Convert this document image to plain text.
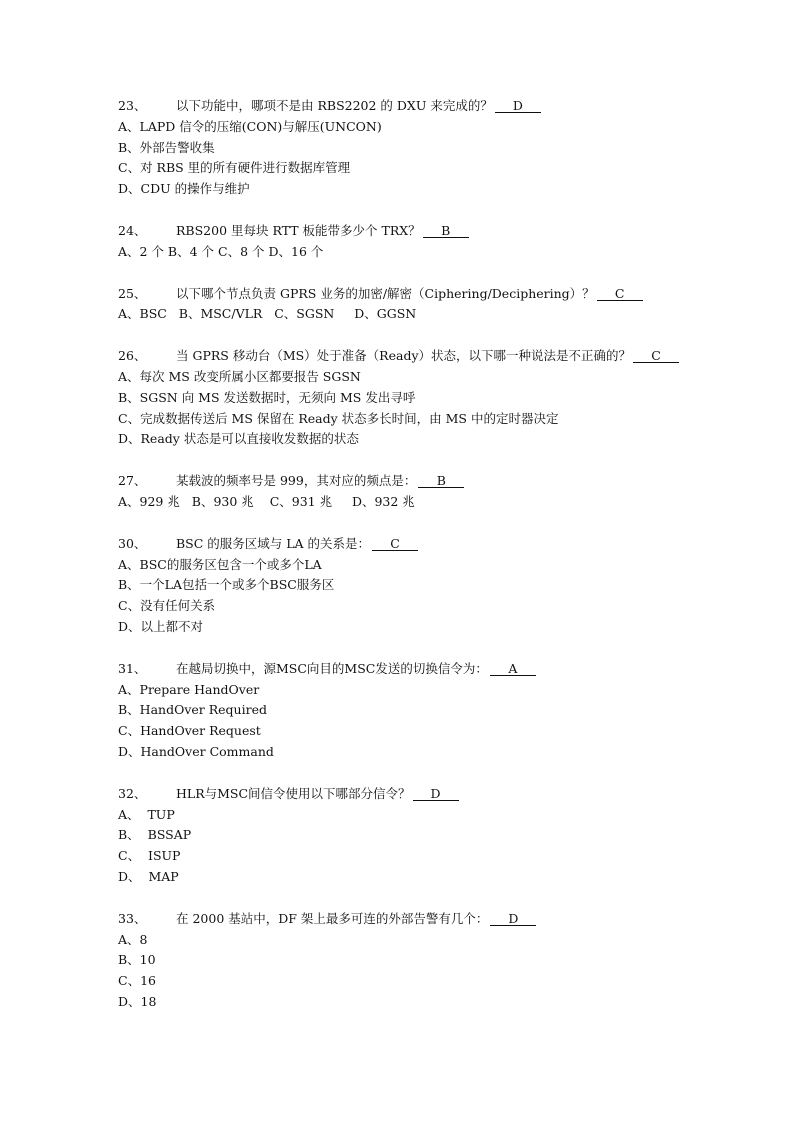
23、 以下功能中，哪项不是由 RBS2202 的 DXU 来完成的？ D
A、LAPD 信令的压缩(CON)与解压(UNCON)
B、外部告警收集
C、对 RBS 里的所有硬件进行数据库管理
D、CDU 的操作与维护
24、 RBS200 里每块 RTT 板能带多少个 TRX？ B
A、2 个 B、4 个 C、8 个 D、16 个
25、 以下哪个节点负责 GPRS 业务的加密/解密（Ciphering/Deciphering）？ C
A、BSC   B、MSC/VLR   C、SGSN     D、GGSN
26、 当 GPRS 移动台（MS）处于准备（Ready）状态，以下哪一种说法是不正确的？ C
A、每次 MS 改变所属小区都要报告 SGSN
B、SGSN 向 MS 发送数据时，无须向 MS 发出寻呼
C、完成数据传送后 MS 保留在 Ready 状态多长时间，由 MS 中的定时器决定
D、Ready 状态是可以直接收发数据的状态
27、 某载波的频率号是 999，其对应的频点是： B
A、929 兆   B、930 兆    C、931 兆     D、932 兆
30、 BSC 的服务区域与 LA 的关系是： C
A、BSC的服务区包含一个或多个LA
B、一个LA包括一个或多个BSC服务区
C、没有任何关系
D、以上都不对
31、 在越局切换中，源MSC向目的MSC发送的切换信令为： A
A、Prepare HandOver
B、HandOver Required
C、HandOver Request
D、HandOver Command
32、 HLR与MSC间信令使用以下哪部分信令？ D
A、  TUP
B、  BSSAP
C、  ISUP
D、  MAP
33、 在 2000 基站中，DF 架上最多可连的外部告警有几个： D
A、8
B、10
C、16
D、18
